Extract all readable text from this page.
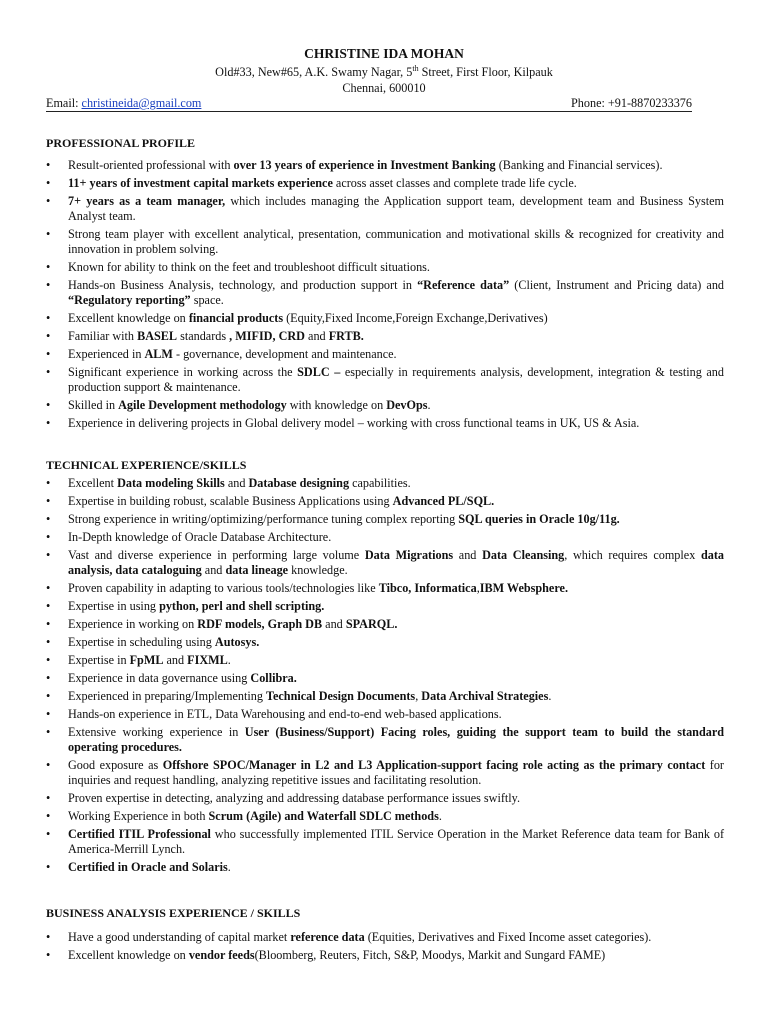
CHRISTINE IDA MOHAN
Old#33, New#65, A.K. Swamy Nagar, 5th Street, First Floor, Kilpauk
Chennai, 600010
Email: christineida@gmail.com	Phone: +91-8870233376
PROFESSIONAL PROFILE
• Result-oriented professional with over 13 years of experience in Investment Banking (Banking and Financial services).
• 11+ years of investment capital markets experience across asset classes and complete trade life cycle.
• 7+ years as a team manager, which includes managing the Application support team, development team and Business System Analyst team.
• Strong team player with excellent analytical, presentation, communication and motivational skills & recognized for creativity and innovation in problem solving.
• Known for ability to think on the feet and troubleshoot difficult situations.
• Hands-on Business Analysis, technology, and production support in “Reference data” (Client, Instrument and Pricing data) and “Regulatory reporting” space.
• Excellent knowledge on financial products (Equity,Fixed Income,Foreign Exchange,Derivatives)
• Familiar with BASEL standards , MIFID, CRD and FRTB.
• Experienced in ALM - governance, development and maintenance.
• Significant experience in working across the SDLC – especially in requirements analysis, development, integration & testing and production support & maintenance.
• Skilled in Agile Development methodology with knowledge on DevOps.
• Experience in delivering projects in Global delivery model – working with cross functional teams in UK, US & Asia.
TECHNICAL EXPERIENCE/SKILLS
• Excellent Data modeling Skills and Database designing capabilities.
• Expertise in building robust, scalable Business Applications using Advanced PL/SQL.
• Strong experience in writing/optimizing/performance tuning complex reporting SQL queries in Oracle 10g/11g.
• In-Depth knowledge of Oracle Database Architecture.
• Vast and diverse experience in performing large volume Data Migrations and Data Cleansing, which requires complex data analysis, data cataloguing and data lineage knowledge.
• Proven capability in adapting to various tools/technologies like Tibco, Informatica,IBM Websphere.
• Expertise in using python, perl and shell scripting.
• Experience in working on RDF models, Graph DB and SPARQL.
• Expertise in scheduling using Autosys.
• Expertise in FpML and FIXML.
• Experience in data governance using Collibra.
• Experienced in preparing/Implementing Technical Design Documents, Data Archival Strategies.
• Hands-on experience in ETL, Data Warehousing and end-to-end web-based applications.
• Extensive working experience in User (Business/Support) Facing roles, guiding the support team to build the standard operating procedures.
• Good exposure as Offshore SPOC/Manager in L2 and L3 Application-support facing role acting as the primary contact for inquiries and request handling, analyzing repetitive issues and facilitating resolution.
• Proven expertise in detecting, analyzing and addressing database performance issues swiftly.
• Working Experience in both Scrum (Agile) and Waterfall SDLC methods.
• Certified ITIL Professional who successfully implemented ITIL Service Operation in the Market Reference data team for Bank of America-Merrill Lynch.
• Certified in Oracle and Solaris.
BUSINESS ANALYSIS EXPERIENCE / SKILLS
• Have a good understanding of capital market reference data (Equities, Derivatives and Fixed Income asset categories).
• Excellent knowledge on vendor feeds(Bloomberg, Reuters, Fitch, S&P, Moodys, Markit and Sungard FAME)
